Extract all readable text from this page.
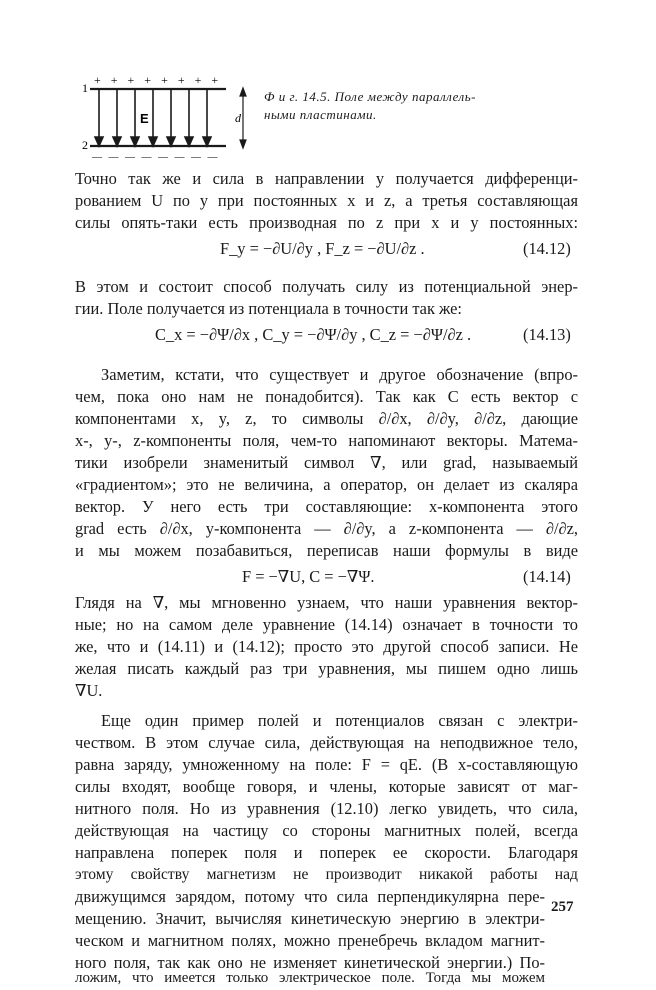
1
+ + + + + + + +
2
— — — — — — — —
E	d
Ф и г. 14.5. Поле между параллель-
ными пластинами.
Точно так же и сила в направлении y получается дифференци-
рованием U по y при постоянных x и z, а третья составляющая
силы опять-таки есть производная по z при x и y постоянных:
F_y = −∂U/∂y , F_z = −∂U/∂z .	(14.12)
В этом и состоит способ получать силу из потенциальной энер-
гии. Поле получается из потенциала в точности так же:
C_x = −∂Ψ/∂x , C_y = −∂Ψ/∂y , C_z = −∂Ψ/∂z .	(14.13)
Заметим, кстати, что существует и другое обозначение (впро-
чем, пока оно нам не понадобится). Так как C есть вектор с
компонентами x, y, z, то символы ∂/∂x, ∂/∂y, ∂/∂z, дающие
x-, y-, z-компоненты поля, чем-то напоминают векторы. Матема-
тики изобрели знаменитый символ ∇, или grad, называемый
«градиентом»; это не величина, а оператор, он делает из скаляра
вектор. У него есть три составляющие: x-компонента этого
grad есть ∂/∂x, y-компонента — ∂/∂y, а z-компонента — ∂/∂z,
и мы можем позабавиться, переписав наши формулы в виде
F = −∇U, C = −∇Ψ.	(14.14)
Глядя на ∇, мы мгновенно узнаем, что наши уравнения вектор-
ные; но на самом деле уравнение (14.14) означает в точности то
же, что и (14.11) и (14.12); просто это другой способ записи. Не
желая писать каждый раз три уравнения, мы пишем одно лишь
∇U.
Еще один пример полей и потенциалов связан с электри-
чеством. В этом случае сила, действующая на неподвижное тело,
равна заряду, умноженному на поле: F = qE. (В x-составляющую
силы входят, вообще говоря, и члены, которые зависят от маг-
нитного поля. Но из уравнения (12.10) легко увидеть, что сила,
действующая на частицу со стороны магнитных полей, всегда
направлена поперек поля и поперек ее скорости. Благодаря
этому свойству магнетизм не производит никакой работы над
движущимся зарядом, потому что сила перпендикулярна пере-
мещению. Значит, вычисляя кинетическую энергию в электри-
ческом и магнитном полях, можно пренебречь вкладом магнит-
ного поля, так как оно не изменяет кинетической энергии.) По-
ложим, что имеется только электрическое поле. Тогда мы можем
257
